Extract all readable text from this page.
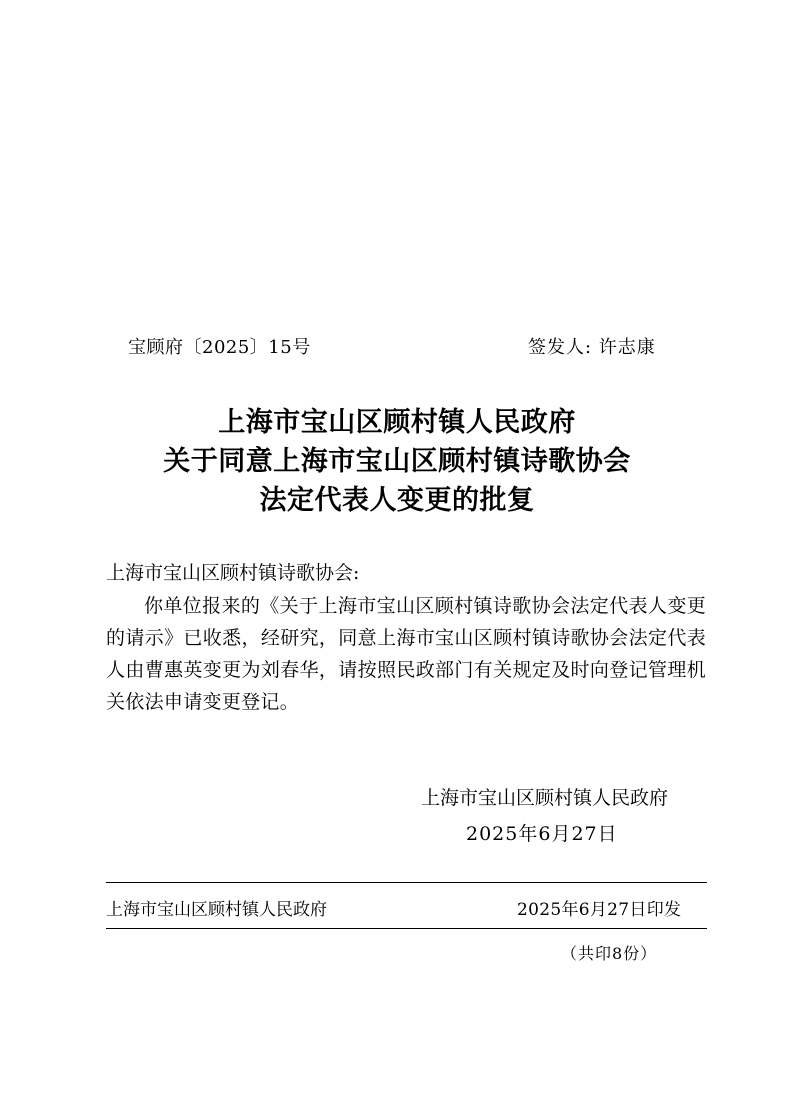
宝顾府〔2025〕15号	签发人: 许志康
上海市宝山区顾村镇人民政府
关于同意上海市宝山区顾村镇诗歌协会
法定代表人变更的批复
上海市宝山区顾村镇诗歌协会:
你单位报来的《关于上海市宝山区顾村镇诗歌协会法定代表人变更的请示》已收悉，经研究，同意上海市宝山区顾村镇诗歌协会法定代表人由曹惠英变更为刘春华，请按照民政部门有关规定及时向登记管理机关依法申请变更登记。
上海市宝山区顾村镇人民政府
2025年6月27日
上海市宝山区顾村镇人民政府	2025年6月27日印发
（共印8份）
